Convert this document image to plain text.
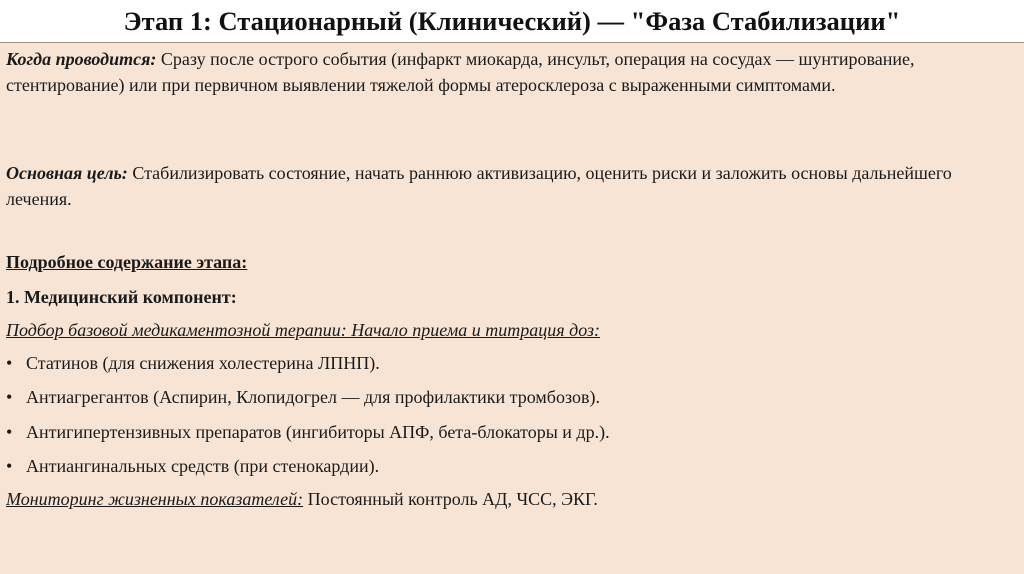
Этап 1: Стационарный (Клинический) — "Фаза Стабилизации"

Когда проводится: Сразу после острого события (инфаркт миокарда, инсульт, операция на сосудах — шунтирование, стентирование) или при первичном выявлении тяжелой формы атеросклероза с выраженными симптомами.

Основная цель: Стабилизировать состояние, начать раннюю активизацию, оценить риски и заложить основы дальнейшего лечения.

Подробное содержание этапа:

1. Медицинский компонент:

Подбор базовой медикаментозной терапии: Начало приема и титрация доз:

• Статинов (для снижения холестерина ЛПНП).
• Антиагрегантов (Аспирин, Клопидогрел — для профилактики тромбозов).
• Антигипертензивных препаратов (ингибиторы АПФ, бета-блокаторы и др.).
• Антиангинальных средств (при стенокардии).

Мониторинг жизненных показателей: Постоянный контроль АД, ЧСС, ЭКГ.
